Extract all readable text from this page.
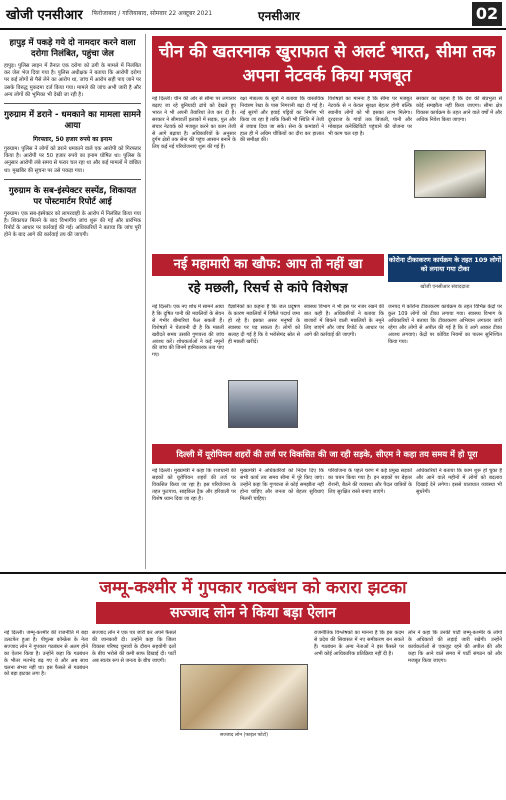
खोजी एनसीआर फिरोजाबाद / गाजियाबाद, सोमवार 22 अक्टूबर 2021	एनसीआर	02
हापुड़ में पकड़े गये दो नामदार करने वाला दरोगा निलंबित, पहुंचा जेल
हापुड़। पुलिस लाइन में तैनात एक दरोगा को ठगी के मामले में निलंबित कर जेल भेज दिया गया है। पुलिस अधीक्षक ने बताया कि आरोपी दरोगा पर कई लोगों से पैसे लेने का आरोप था, जांच में आरोप सही पाए जाने पर उसके विरुद्ध मुकदमा दर्ज किया गया। मामले की जांच अभी जारी है और अन्य लोगों की भूमिका भी देखी जा रही है।
गुरुग्राम में डराने - धमकाने का मामला सामने आया
गिरफ्तार, 50 हजार रुपये का इनाम
गुरुग्राम। पुलिस ने लोगों को डराने धमकाने वाले एक आरोपी को गिरफ्तार किया है। आरोपी पर 50 हजार रुपये का इनाम घोषित था। पुलिस के अनुसार आरोपी लंबे समय से फरार चल रहा था और कई मामलों में वांछित था। मुखबिर की सूचना पर उसे पकड़ा गया।
गुरुग्राम के सब-इंस्पेक्टर सस्पेंड, शिकायत पर पोस्टमार्टम रिपोर्ट आई
गुरुग्राम। एक सब-इंस्पेक्टर को लापरवाही के आरोप में निलंबित किया गया है। शिकायत मिलने के बाद विभागीय जांच शुरू की गई और प्रारंभिक रिपोर्ट के आधार पर कार्रवाई की गई। अधिकारियों ने बताया कि जांच पूरी होने के बाद आगे की कार्रवाई तय की जाएगी।
चीन की खतरनाक खुराफात से अलर्ट भारत, सीमा तक अपना नेटवर्क किया मजबूत
नई दिल्ली। चीन की ओर से सीमा पर लगातार बढ़ाए जा रहे बुनियादी ढांचे को देखते हुए भारत ने भी अपनी तैयारियां तेज कर दी हैं। सरकार ने सीमावर्ती इलाकों में सड़क, पुल और संचार नेटवर्क को मजबूत करने का काम तेजी से आगे बढ़ाया है। अधिकारियों के अनुसार दुर्गम क्षेत्रों तक सेना की पहुंच आसान बनाने के लिए कई नई परियोजनाएं शुरू की गई हैं।
रक्षा मंत्रालय के सूत्रों ने बताया कि वास्तविक नियंत्रण रेखा के पास निगरानी बढ़ा दी गई है। नई सुरंगों और हवाई पट्टियों का निर्माण भी किया जा रहा है ताकि किसी भी स्थिति में तेजी से जवाब दिया जा सके। सेना के कमांडरों ने हाल ही में अग्रिम चौकियों का दौरा कर हालात की समीक्षा की।
विशेषज्ञों का मानना है कि सीमा पर मजबूत नेटवर्क से न केवल सुरक्षा बेहतर होगी बल्कि स्थानीय लोगों को भी इसका लाभ मिलेगा। दूरदराज के गांवों तक बिजली, पानी और मोबाइल कनेक्टिविटी पहुंचाने की योजना पर भी काम चल रहा है।
सरकार का कहना है कि देश की संप्रभुता से कोई समझौता नहीं किया जाएगा। सीमा क्षेत्र विकास कार्यक्रम के तहत आने वाले वर्षों में और अधिक निवेश किया जाएगा।
नई महामारी का खौफ: आप तो नहीं खा
रहे मछली, रिसर्च से कांपे विशेषज्ञ
कोरोना टीकाकरण कार्यक्रम के तहत 109 लोगों को लगाया गया टीका
खोजी एनसीआर संवाददाता
नई दिल्ली। एक नए शोध में सामने आया है कि दूषित पानी की मछलियों के सेवन से गंभीर बीमारियां फैल सकती हैं। विशेषज्ञों ने चेतावनी दी है कि मछली खरीदते समय उसकी गुणवत्ता की जांच अवश्य करें। शोधकर्ताओं ने कई नमूनों की जांच की जिनमें हानिकारक तत्व पाए गए।
वैज्ञानिकों का कहना है कि जल प्रदूषण के कारण मछलियों में विषैले पदार्थ जमा हो रहे हैं। इसका असर मनुष्यों के स्वास्थ्य पर पड़ सकता है। लोगों को सलाह दी गई है कि वे भरोसेमंद स्रोत से ही मछली खरीदें।
स्वास्थ्य विभाग ने भी इस पर नजर रखने की बात कही है। अधिकारियों ने बताया कि बाजारों में बिकने वाली मछलियों के नमूने लिए जाएंगे और जांच रिपोर्ट के आधार पर आगे की कार्रवाई की जाएगी।
जनपद में कोरोना टीकाकरण कार्यक्रम के तहत विभिन्न केंद्रों पर कुल 109 लोगों को टीका लगाया गया। स्वास्थ्य विभाग के अधिकारियों ने बताया कि टीकाकरण अभियान लगातार जारी रहेगा और लोगों से अपील की गई है कि वे आगे आकर टीका अवश्य लगवाएं। केंद्रों पर कोविड नियमों का पालन सुनिश्चित किया गया।
दिल्ली में यूरोपियन शहरों की तर्ज पर विकसित की जा रही सड़के, सीएम ने कहा तय समय में हो पूरा
नई दिल्ली। मुख्यमंत्री ने कहा कि राजधानी की सड़कों को यूरोपियन शहरों की तर्ज पर विकसित किया जा रहा है। इस परियोजना के तहत फुटपाथ, साइकिल ट्रैक और हरियाली पर विशेष ध्यान दिया जा रहा है।
मुख्यमंत्री ने अधिकारियों को निर्देश दिए कि सभी कार्य तय समय सीमा में पूरे किए जाएं। उन्होंने कहा कि गुणवत्ता से कोई समझौता नहीं होना चाहिए और जनता को बेहतर सुविधाएं मिलनी चाहिए।
परियोजना के पहले चरण में कई प्रमुख सड़कों का चयन किया गया है। इन सड़कों पर बेहतर रोशनी, बैठने की व्यवस्था और पैदल यात्रियों के लिए सुरक्षित रास्ते बनाए जाएंगे।
अधिकारियों ने बताया कि काम शुरू हो चुका है और आने वाले महीनों में लोगों को बदलाव दिखाई देने लगेगा। इससे यातायात व्यवस्था भी सुधरेगी।
जम्मू-कश्मीर में गुपकार गठबंधन को करारा झटका
सज्जाद लोन ने किया बड़ा ऐलान
नई दिल्ली। जम्मू-कश्मीर की राजनीति में बड़ा उलटफेर हुआ है। पीपुल्स कॉन्फ्रेंस के नेता सज्जाद लोन ने गुपकार गठबंधन से अलग होने का ऐलान किया है। उन्होंने कहा कि गठबंधन के भीतर मतभेद बढ़ गए थे और अब साथ चलना संभव नहीं था। इस फैसले से गठबंधन को बड़ा झटका लगा है।
सज्जाद लोन ने एक पत्र जारी कर अपने फैसले की जानकारी दी। उन्होंने कहा कि जिला विकास परिषद चुनावों के दौरान सहयोगी दलों के बीच भरोसे की कमी साफ दिखाई दी। पार्टी अब स्वतंत्र रूप से जनता के बीच जाएगी।
राजनीतिक विश्लेषकों का मानना है कि इस कदम से प्रदेश की सियासत में नए समीकरण बन सकते हैं। गठबंधन के अन्य नेताओं ने इस फैसले पर अभी कोई आधिकारिक प्रतिक्रिया नहीं दी है।
लोन ने कहा कि उनकी पार्टी जम्मू-कश्मीर के लोगों के अधिकारों की लड़ाई जारी रखेगी। उन्होंने कार्यकर्ताओं से एकजुट रहने की अपील की और कहा कि आने वाले समय में पार्टी संगठन को और मजबूत किया जाएगा।
सज्जाद लोन (फाइल फोटो)
